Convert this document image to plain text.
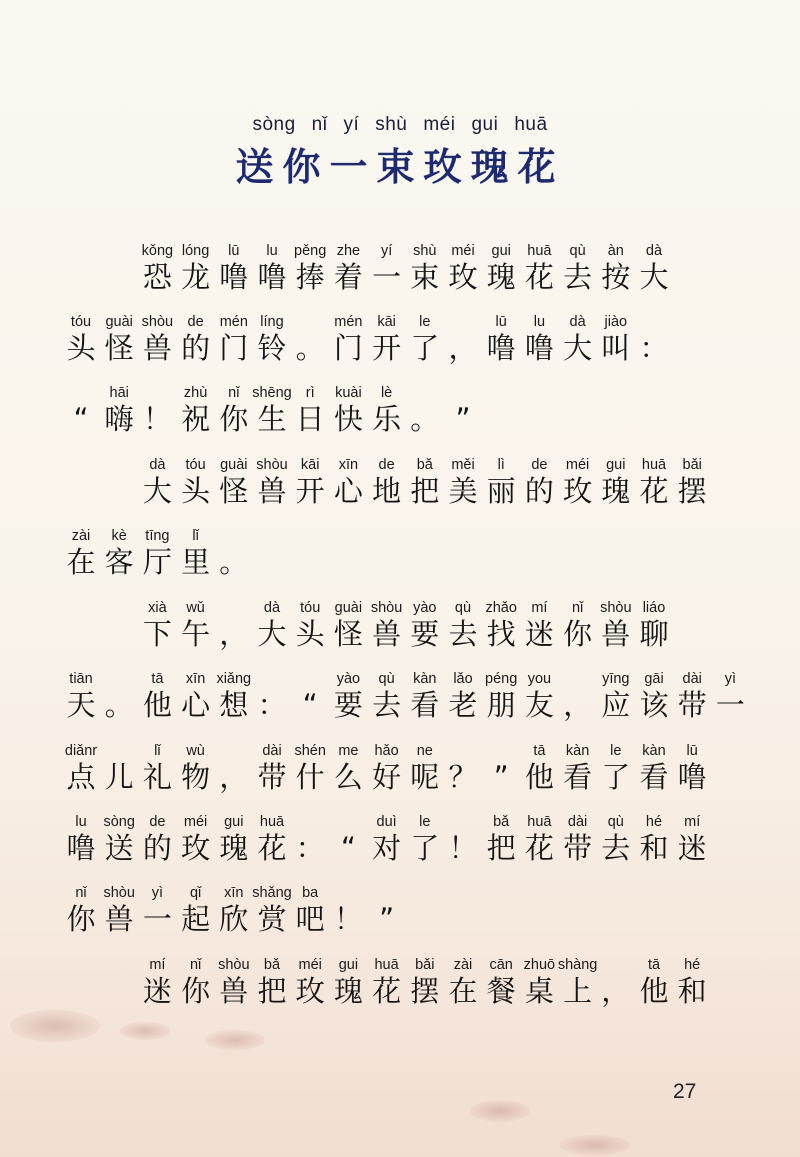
sòng nǐ yí shù méi gui huā
送你一束玫瑰花
kǒng
恐
lóng
龙
lū
噜
lu
噜
pěng
捧
zhe
着
yí
一
shù
束
méi
玫
gui
瑰
huā
花
qù
去
àn
按
dà
大
tóu
头
guài
怪
shòu
兽
de
的
mén
门
líng
铃 。
mén
门
kāi
开
le
了 ，
lū
噜
lu
噜
dà
大
jiào
叫 ：
“
hāi
嗨 ！
zhù
祝
nǐ
你
shēng
生
rì
日
kuài
快
lè
乐 。 ”
dà
大
tóu
头
guài
怪
shòu
兽
kāi
开
xīn
心
de
地
bǎ
把
měi
美
lì
丽
de
的
méi
玫
gui
瑰
huā
花
bǎi
摆
zài
在
kè
客
tīng
厅
lǐ
里 。
xià
下
wǔ
午 ，
dà
大
tóu
头
guài
怪
shòu
兽
yào
要
qù
去
zhǎo
找
mí
迷
nǐ
你
shòu
兽
liáo
聊
tiān
天 。
tā
他
xīn
心
xiǎng
想 ： “
yào
要
qù
去
kàn
看
lǎo
老
péng
朋
you
友 ，
yīng
应
gāi
该
dài
带
yì
一
diǎnr
点 儿
lǐ
礼
wù
物 ，
dài
带
shén
什
me
么
hǎo
好
ne
呢 ？ ”
tā
他
kàn
看
le
了
kàn
看
lū
噜
lu
噜
sòng
送
de
的
méi
玫
gui
瑰
huā
花 ： “
duì
对
le
了 ！
bǎ
把
huā
花
dài
带
qù
去
hé
和
mí
迷
nǐ
你
shòu
兽
yì
一
qǐ
起
xīn
欣
shǎng
赏
ba
吧 ！ ”
mí
迷
nǐ
你
shòu
兽
bǎ
把
méi
玫
gui
瑰
huā
花
bǎi
摆
zài
在
cān
餐
zhuō
桌
shàng
上 ，
tā
他
hé
和
27
